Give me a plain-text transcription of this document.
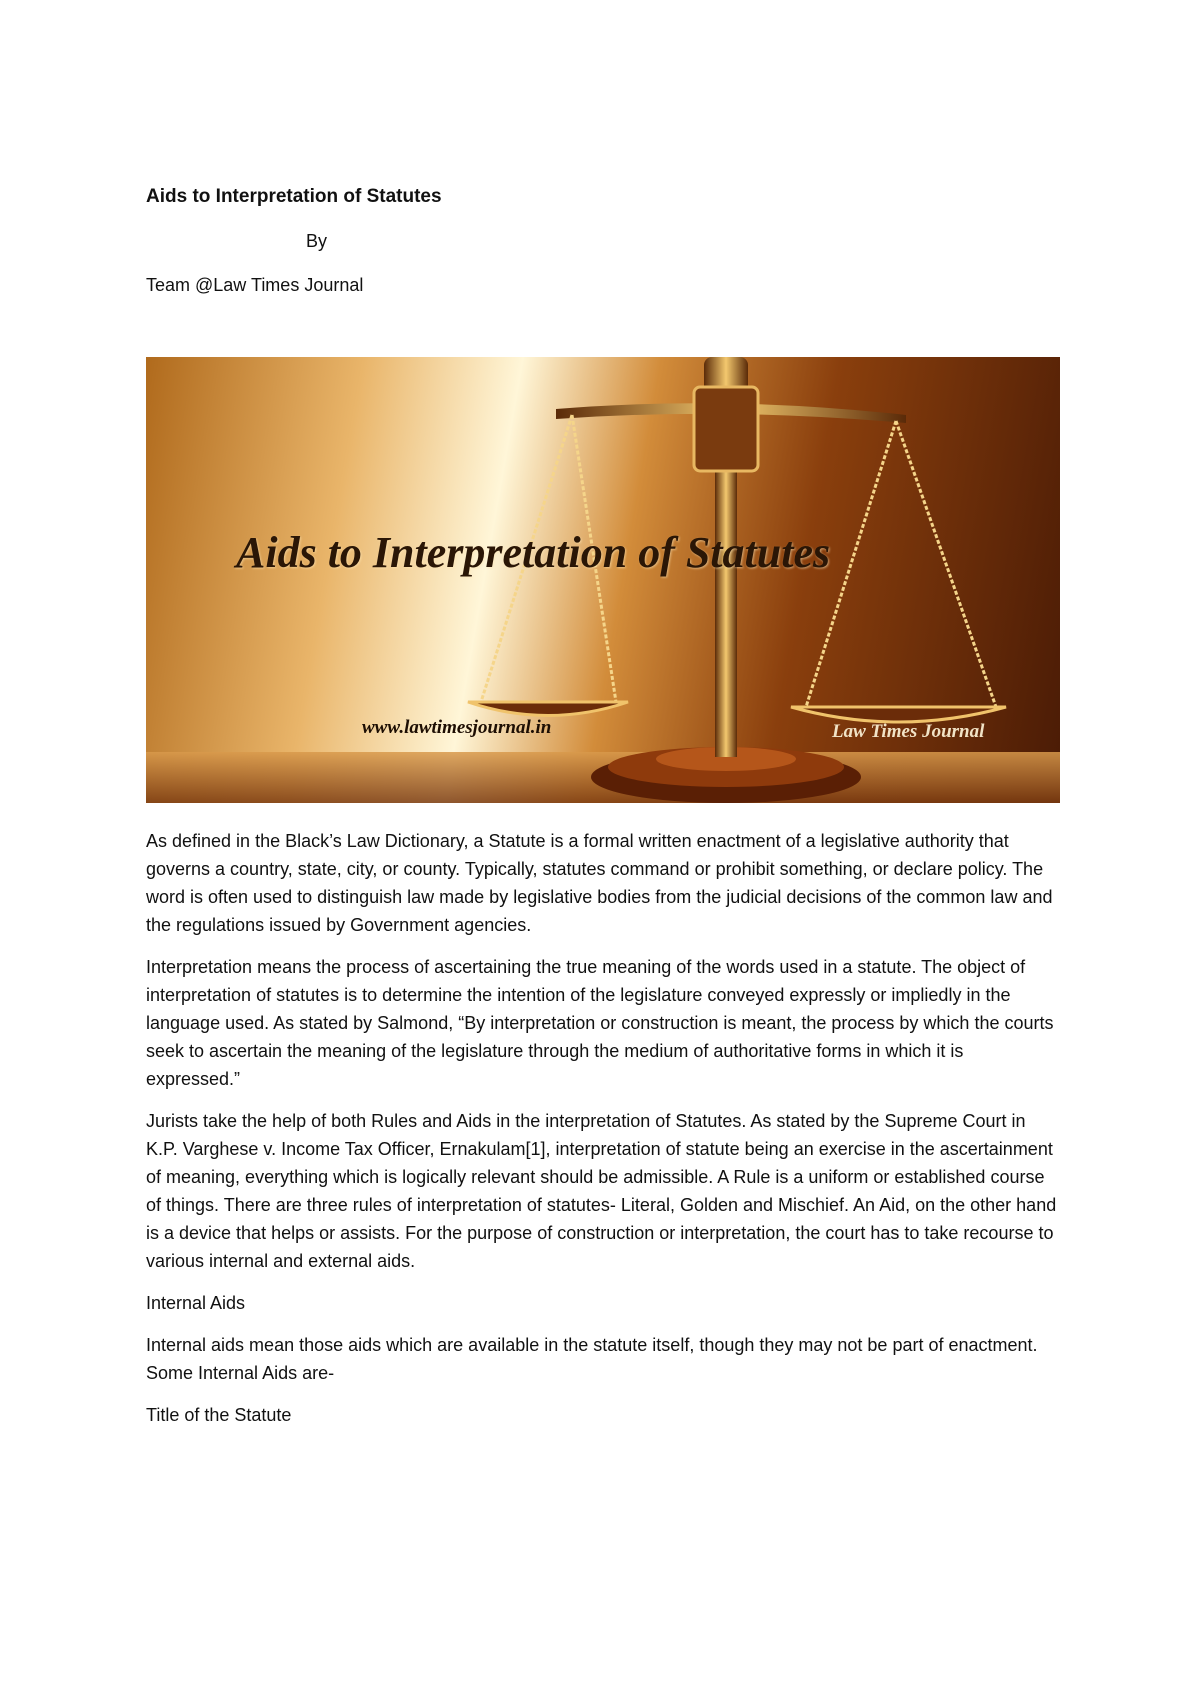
Aids to Interpretation of Statutes

By

Team @Law Times Journal

Aids to Interpretation of Statutes
www.lawtimesjournal.in	Law Times Journal

As defined in the Black’s Law Dictionary, a Statute is a formal written enactment of a legislative authority that governs a country, state, city, or county. Typically, statutes command or prohibit something, or declare policy. The word is often used to distinguish law made by legislative bodies from the judicial decisions of the common law and the regulations issued by Government agencies.

Interpretation means the process of ascertaining the true meaning of the words used in a statute. The object of interpretation of statutes is to determine the intention of the legislature conveyed expressly or impliedly in the language used. As stated by Salmond, “By interpretation or construction is meant, the process by which the courts seek to ascertain the meaning of the legislature through the medium of authoritative forms in which it is expressed.”

Jurists take the help of both Rules and Aids in the interpretation of Statutes. As stated by the Supreme Court in K.P. Varghese v. Income Tax Officer, Ernakulam[1], interpretation of statute being an exercise in the ascertainment of meaning, everything which is logically relevant should be admissible. A Rule is a uniform or established course of things. There are three rules of interpretation of statutes- Literal, Golden and Mischief. An Aid, on the other hand is a device that helps or assists. For the purpose of construction or interpretation, the court has to take recourse to various internal and external aids.

Internal Aids

Internal aids mean those aids which are available in the statute itself, though they may not be part of enactment. Some Internal Aids are-

Title of the Statute
